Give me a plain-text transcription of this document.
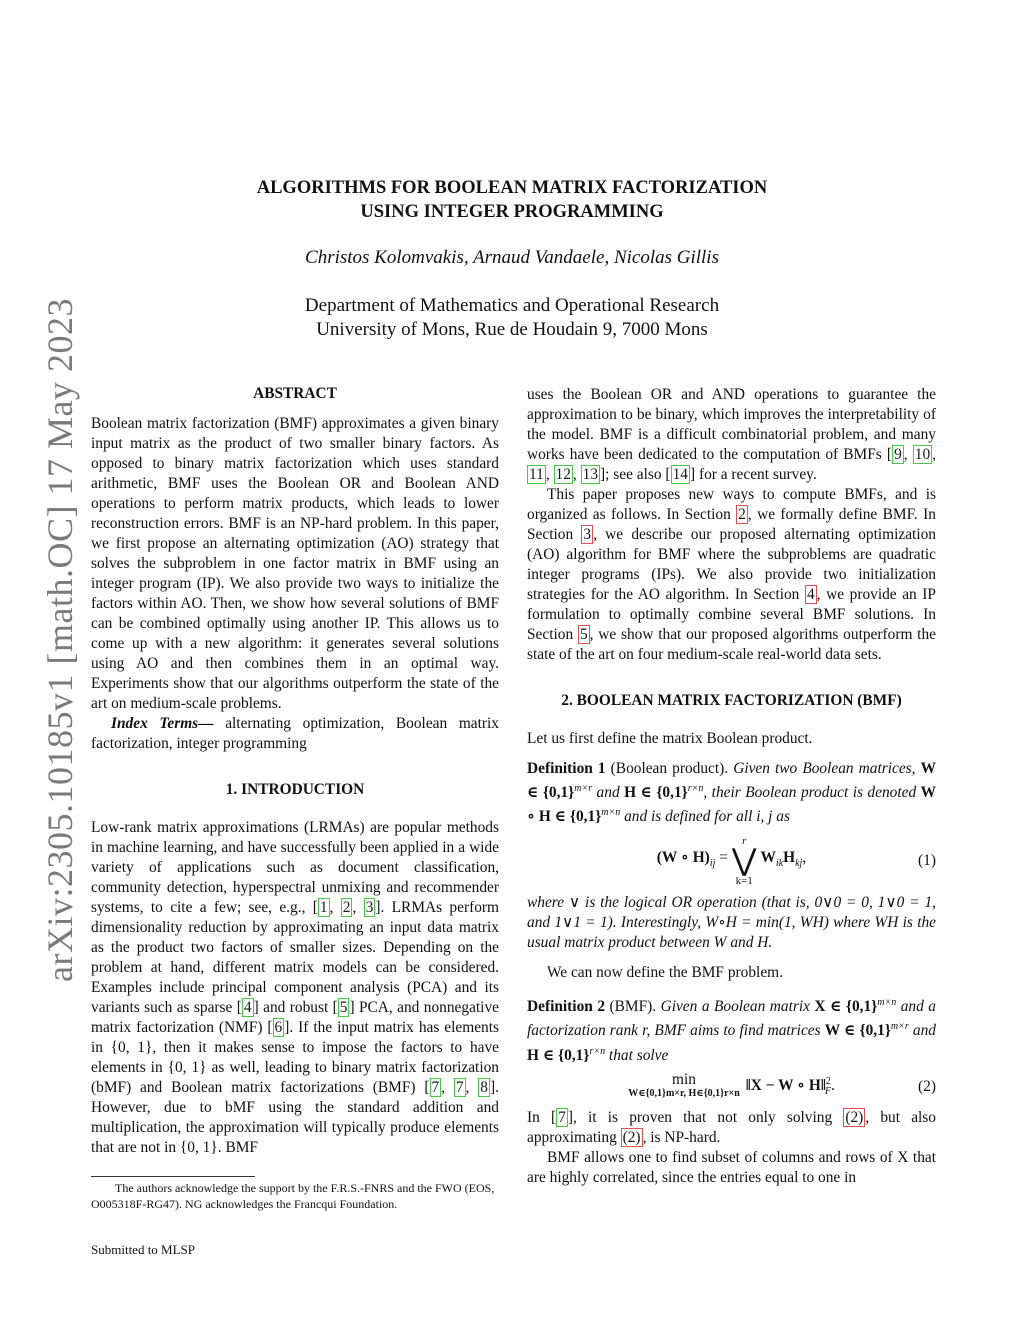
arXiv:2305.10185v1 [math.OC] 17 May 2023
ALGORITHMS FOR BOOLEAN MATRIX FACTORIZATION
USING INTEGER PROGRAMMING
Christos Kolomvakis, Arnaud Vandaele, Nicolas Gillis
Department of Mathematics and Operational Research
University of Mons, Rue de Houdain 9, 7000 Mons

ABSTRACT

Boolean matrix factorization (BMF) approximates a given binary input matrix as the product of two smaller binary factors. As opposed to binary matrix factorization which uses standard arithmetic, BMF uses the Boolean OR and Boolean AND operations to perform matrix products, which leads to lower reconstruction errors. BMF is an NP-hard problem. In this paper, we first propose an alternating optimization (AO) strategy that solves the subproblem in one factor matrix in BMF using an integer program (IP). We also provide two ways to initialize the factors within AO. Then, we show how several solutions of BMF can be combined optimally using another IP. This allows us to come up with a new algorithm: it generates several solutions using AO and then combines them in an optimal way. Experiments show that our algorithms outperform the state of the art on medium-scale problems.

Index Terms— alternating optimization, Boolean matrix factorization, integer programming

1. INTRODUCTION

Low-rank matrix approximations (LRMAs) are popular methods in machine learning, and have successfully been applied in a wide variety of applications such as document classification, community detection, hyperspectral unmixing and recommender systems, to cite a few; see, e.g., [ 1 , 2 , 3 ]. LRMAs perform dimensionality reduction by approximating an input data matrix as the product two factors of smaller sizes. Depending on the problem at hand, different matrix models can be considered. Examples include principal component analysis (PCA) and its variants such as sparse [ 4 ] and robust [ 5 ] PCA, and nonnegative matrix factorization (NMF) [ 6 ]. If the input matrix has elements in {0, 1}, then it makes sense to impose the factors to have elements in {0, 1} as well, leading to binary matrix factorization (bMF) and Boolean matrix factorizations (BMF) [ 7 , 7 , 8 ]. However, due to bMF using the standard addition and multiplication, the approximation will typically produce elements that are not in {0, 1}. BMF

The authors acknowledge the support by the F.R.S.-FNRS and the FWO (EOS, O005318F-RG47). NG acknowledges the Francqui Foundation.

Submitted to MLSP

uses the Boolean OR and AND operations to guarantee the approximation to be binary, which improves the interpretability of the model. BMF is a difficult combinatorial problem, and many works have been dedicated to the computation of BMFs [ 9 , 10 , 11 , 12 , 13 ]; see also [ 14 ] for a recent survey.

This paper proposes new ways to compute BMFs, and is organized as follows. In Section 2 , we formally define BMF. In Section 3 , we describe our proposed alternating optimization (AO) algorithm for BMF where the subproblems are quadratic integer programs (IPs). We also provide two initialization strategies for the AO algorithm. In Section 4 , we provide an IP formulation to optimally combine several BMF solutions. In Section 5 , we show that our proposed algorithms outperform the state of the art on four medium-scale real-world data sets.

2. BOOLEAN MATRIX FACTORIZATION (BMF)

Let us first define the matrix Boolean product.

Definition 1 (Boolean product). Given two Boolean matrices, W ∈ $\{0,1\}^{m\times r}$ and H ∈ $\{0,1\}^{r\times n}$, their Boolean product is denoted W ∘ H ∈ $\{0,1\}^{m\times n}$ and is defined for all i, j as

(W ∘ $H)_{ij}$ =
r
⋁
k=1
$W_{ik}H_{kj}$,	(1)

where ∨ is the logical OR operation (that is, 0∨0 = 0, 1∨0 = 1, and 1∨1 = 1). Interestingly, W∘H = min(1, WH) where WH is the usual matrix product between W and H.

We can now define the BMF problem.

Definition 2 (BMF). Given a Boolean matrix X ∈ $\{0,1\}^{m\times n}$ and a factorization rank r, BMF aims to find matrices W ∈ $\{0,1\}^{m\times r}$ and H ∈ $\{0,1\}^{r\times n}$ that solve

min
W∈{0,1}m×r, H∈{0,1}r×n ‖X − W ∘ H‖$^2_F$.	(2)

In [ 7 ], it is proven that not only solving (2) , but also approximating (2) , is NP-hard.

BMF allows one to find subset of columns and rows of X that are highly correlated, since the entries equal to one in
